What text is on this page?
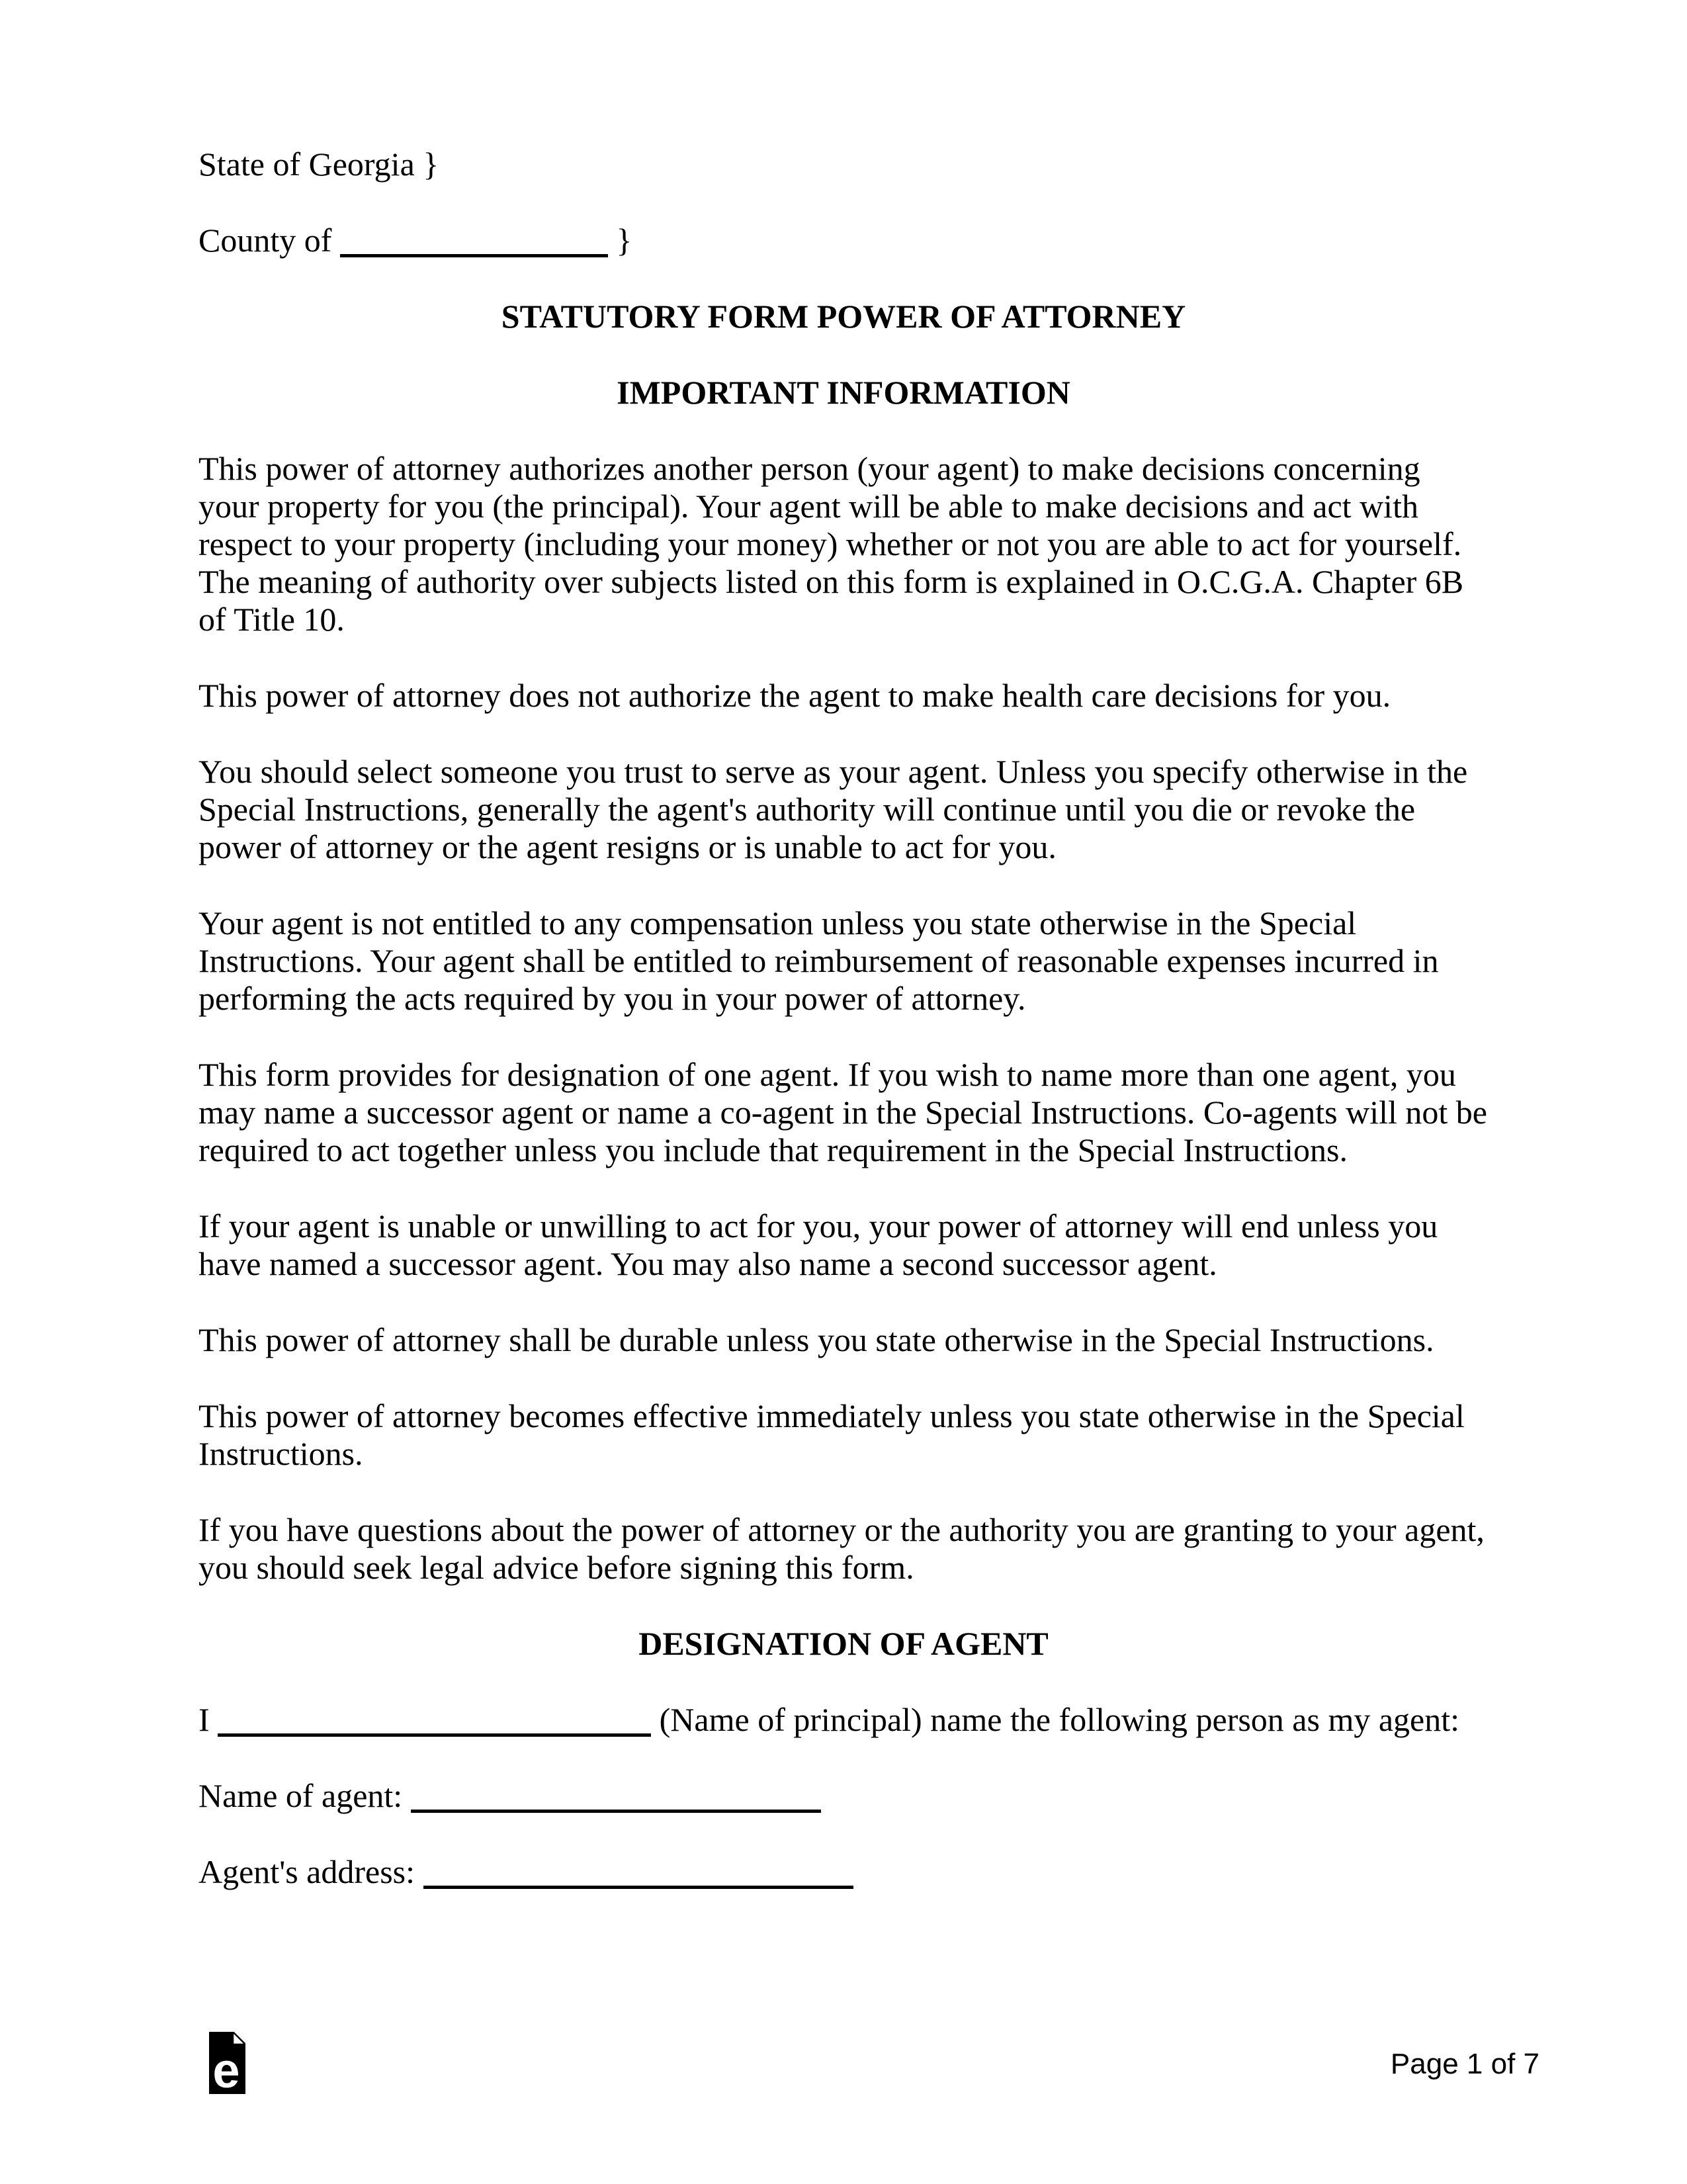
State of Georgia }

County of	}

STATUTORY FORM POWER OF ATTORNEY

IMPORTANT INFORMATION

This power of attorney authorizes another person (your agent) to make decisions concerning your property for you (the principal). Your agent will be able to make decisions and act with respect to your property (including your money) whether or not you are able to act for yourself. The meaning of authority over subjects listed on this form is explained in O.C.G.A. Chapter 6B of Title 10.

This power of attorney does not authorize the agent to make health care decisions for you.

You should select someone you trust to serve as your agent. Unless you specify otherwise in the Special Instructions, generally the agent's authority will continue until you die or revoke the power of attorney or the agent resigns or is unable to act for you.

Your agent is not entitled to any compensation unless you state otherwise in the Special Instructions. Your agent shall be entitled to reimbursement of reasonable expenses incurred in performing the acts required by you in your power of attorney.

This form provides for designation of one agent. If you wish to name more than one agent, you may name a successor agent or name a co-agent in the Special Instructions. Co-agents will not be required to act together unless you include that requirement in the Special Instructions.

If your agent is unable or unwilling to act for you, your power of attorney will end unless you have named a successor agent. You may also name a second successor agent.

This power of attorney shall be durable unless you state otherwise in the Special Instructions.

This power of attorney becomes effective immediately unless you state otherwise in the Special Instructions.

If you have questions about the power of attorney or the authority you are granting to your agent, you should seek legal advice before signing this form.

DESIGNATION OF AGENT

I	(Name of principal) name the following person as my agent:

Name of agent:

Agent's address:

e	Page 1 of 7
